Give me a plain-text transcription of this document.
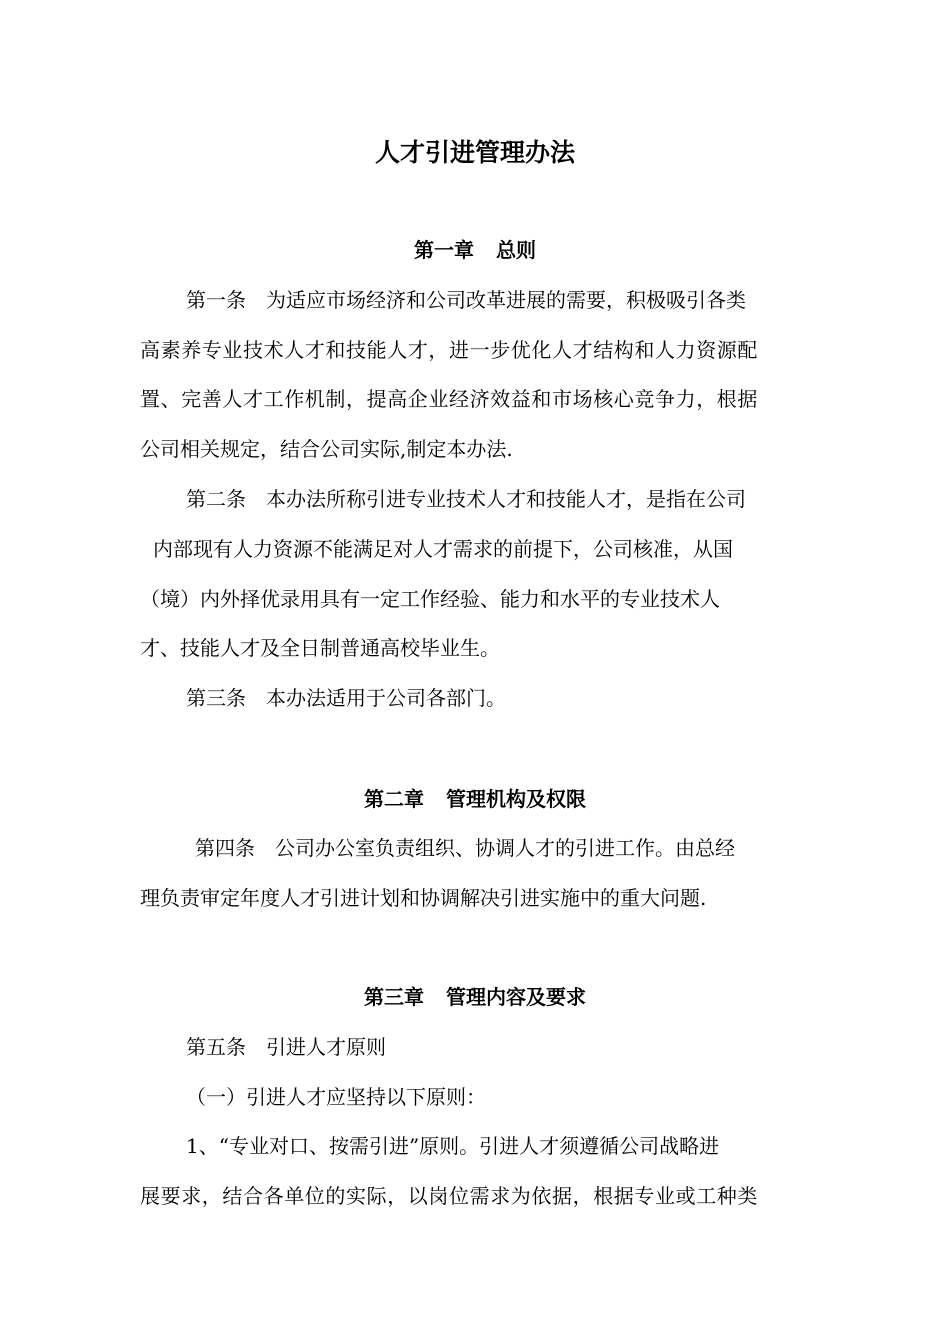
人才引进管理办法
第一章 总则
第一条　为适应市场经济和公司改革进展的需要，积极吸引各类
高素养专业技术人才和技能人才，进一步优化人才结构和人力资源配
置、完善人才工作机制，提高企业经济效益和市场核心竞争力，根据
公司相关规定，结合公司实际,制定本办法.
第二条　本办法所称引进专业技术人才和技能人才，是指在公司
内部现有人力资源不能满足对人才需求的前提下，公司核准，从国
（境）内外择优录用具有一定工作经验、能力和水平的专业技术人
才、技能人才及全日制普通高校毕业生。
第三条　本办法适用于公司各部门。
第二章 管理机构及权限
第四条　公司办公室负责组织、协调人才的引进工作。由总经
理负责审定年度人才引进计划和协调解决引进实施中的重大问题.
第三章 管理内容及要求
第五条　引进人才原则
（一）引进人才应坚持以下原则：
1、“专业对口、按需引进”原则。引进人才须遵循公司战略进
展要求，结合各单位的实际，以岗位需求为依据，根据专业或工种类
